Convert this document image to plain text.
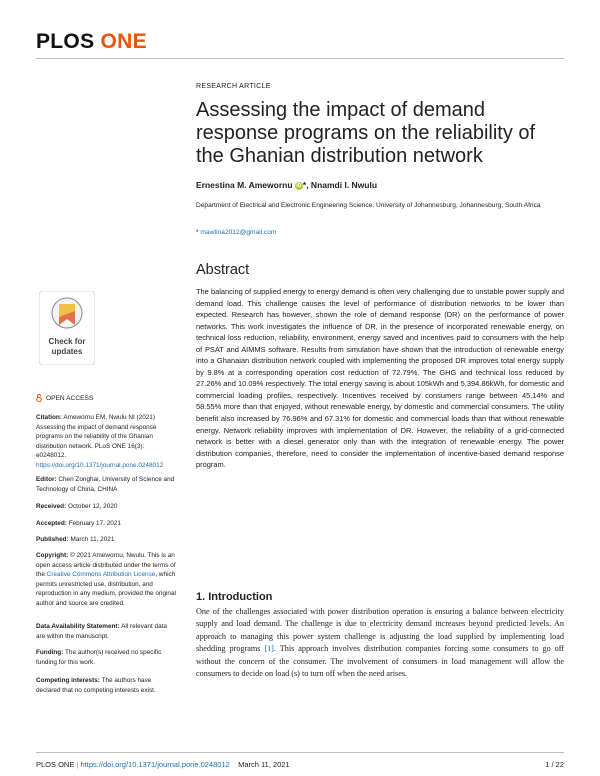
PLOS ONE
RESEARCH ARTICLE
Assessing the impact of demand response programs on the reliability of the Ghanian distribution network
Ernestina M. Amewornu iD *, Nnamdi I. Nwulu
Department of Electrical and Electronic Engineering Science, University of Johannesburg, Johannesburg, South Africa
* mawtina2012@gmail.com
Abstract
The balancing of supplied energy to energy demand is often very challenging due to unstable power supply and demand load. This challenge causes the level of performance of distribution networks to be lower than expected. Research has however, shown the role of demand response (DR) on the performance of power networks. This work investigates the influence of DR, in the presence of incorporated renewable energy, on technical loss reduction, reliability, environment, energy saved and incentives paid to consumers with the help of PSAT and AIMMS software. Results from simulation have shown that the introduction of renewable energy into a Ghanaian distribution network coupled with implementing the proposed DR improves total energy supply by 9.8% at a corresponding operation cost reduction of 72.79%. The GHG and technical loss reduced by 27.26% and 10.09% respectively. The total energy saving is about 105kWh and 5,394.86kWh, for domestic and commercial loading profiles, respectively. Incentives received by consumers range between 45.14% and 58.55% more than that enjoyed, without renewable energy, by domestic and commercial consumers. The utility benefit also increased by 76.96% and 67.31% for domestic and commercial loads than that without renewable energy. Network reliability improves with implementation of DR. However, the reliability of a grid-connected network is better with a diesel generator only than with the integration of renewable energy. The power distribution companies, therefore, need to consider the implementation of incentive-based demand response program.
Check for
updates
OPEN ACCESS
Citation: Amewornu EM, Nwulu NI (2021) Assessing the impact of demand response programs on the reliability of the Ghanian distribution network. PLoS ONE 16(3): e0248012. https://doi.org/10.1371/journal.pone.0248012
Editor: Chen Zonghai, University of Science and Technology of China, CHINA
Received: October 12, 2020
Accepted: February 17, 2021
Published: March 11, 2021
Copyright: © 2021 Amewornu, Nwulu. This is an open access article distributed under the terms of the Creative Commons Attribution License, which permits unrestricted use, distribution, and reproduction in any medium, provided the original author and source are credited.
Data Availability Statement: All relevant data are within the manuscript.
Funding: The author(s) received no specific funding for this work.
Competing interests: The authors have declared that no competing interests exist.
1. Introduction
One of the challenges associated with power distribution operation is ensuring a balance between electricity supply and load demand. The challenge is due to electricity demand increases beyond predicted levels. An approach to managing this power system challenge is adjusting the load supplied by implementing load shedding programs [1]. This approach involves distribution companies forcing some consumers to go off without the concern of the consumer. The involvement of consumers in load management will allow the consumers to decide on load (s) to turn off when the need arises.
PLOS ONE | https://doi.org/10.1371/journal.pone.0248012 March 11, 2021	1 / 22
